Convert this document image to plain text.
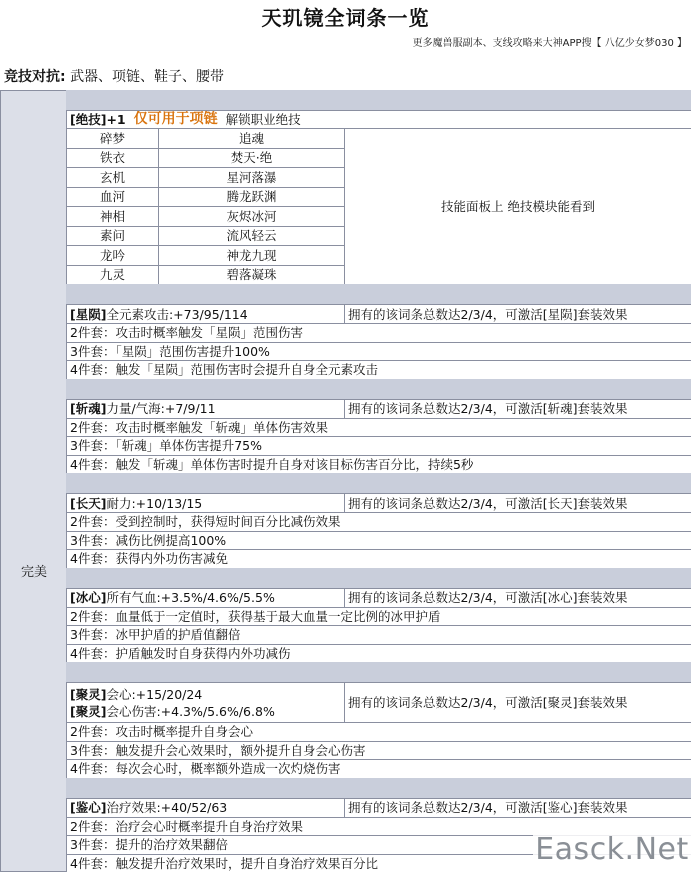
天玑镜全词条一览
更多魔兽服副本、支线攻略来大神APP搜【 八亿少女梦030 】
竞技对抗: 武器、项链、鞋子、腰带
完美
[绝技] +1 仅可用于项链 解锁职业绝技
碎梦	追魂
铁衣	焚天·绝
玄机	星河落瀑
血河	腾龙跃渊
神相	灰烬冰河
素问	流风轻云
龙吟	神龙九现
九灵	碧落凝珠
技能面板上 绝技模块能看到
[星陨]全元素攻击:+73/95/114	拥有的该词条总数达2/3/4，可激活[星陨]套装效果
2件套：攻击时概率触发「星陨」范围伤害
3件套：「星陨」范围伤害提升100%
4件套：触发「星陨」范围伤害时会提升自身全元素攻击
[斩魂]力量/气海:+7/9/11	拥有的该词条总数达2/3/4，可激活[斩魂]套装效果
2件套：攻击时概率触发「斩魂」单体伤害效果
3件套：「斩魂」单体伤害提升75%
4件套：触发「斩魂」单体伤害时提升自身对该目标伤害百分比，持续5秒
[长天]耐力:+10/13/15	拥有的该词条总数达2/3/4，可激活[长天]套装效果
2件套：受到控制时，获得短时间百分比减伤效果
3件套：减伤比例提高100%
4件套：获得内外功伤害减免
[冰心]所有气血:+3.5%/4.6%/5.5%	拥有的该词条总数达2/3/4，可激活[冰心]套装效果
2件套：血量低于一定值时，获得基于最大血量一定比例的冰甲护盾
3件套：冰甲护盾的护盾值翻倍
4件套：护盾触发时自身获得内外功减伤
[聚灵]会心:+15/20/24
[聚灵]会心伤害:+4.3%/5.6%/6.8%
拥有的该词条总数达2/3/4，可激活[聚灵]套装效果
2件套：攻击时概率提升自身会心
3件套：触发提升会心效果时，额外提升自身会心伤害
4件套：每次会心时，概率额外造成一次灼烧伤害
[鉴心]治疗效果:+40/52/63	拥有的该词条总数达2/3/4，可激活[鉴心]套装效果
2件套：治疗会心时概率提升自身治疗效果
3件套：提升的治疗效果翻倍
4件套：触发提升治疗效果时，提升自身治疗效果百分比	Easck.Net
